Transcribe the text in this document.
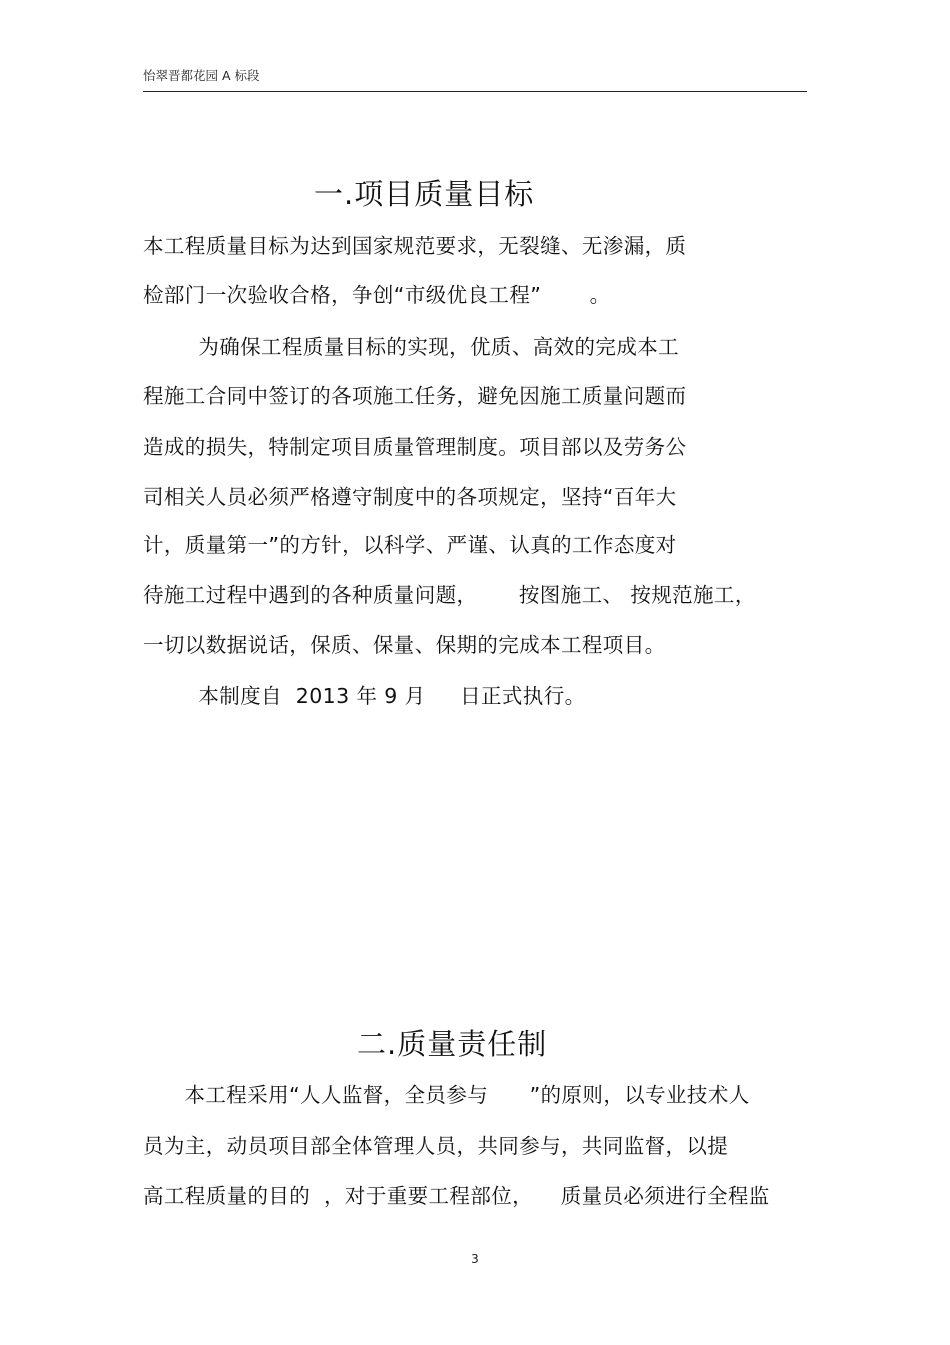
怡翠晋都花园 A 标段
一.项目质量目标
本工程质量目标为达到国家规范要求，无裂缝、无渗漏，质
检部门一次验收合格，争创“市级优良工程”       。
为确保工程质量目标的实现，优质、高效的完成本工
程施工合同中签订的各项施工任务，避免因施工质量问题而
造成的损失，特制定项目质量管理制度。项目部以及劳务公
司相关人员必须严格遵守制度中的各项规定，坚持“百年大
计，质量第一”的方针，以科学、严谨、认真的工作态度对
待施工过程中遇到的各种质量问题，      按图施工、 按规范施工，
一切以数据说话，保质、保量、保期的完成本工程项目。
本制度自  2013 年 9 月     日正式执行。
二.质量责任制
本工程采用“人人监督，全员参与      ”的原则，以专业技术人
员为主，动员项目部全体管理人员，共同参与，共同监督，以提
高工程质量的目的  ，对于重要工程部位，    质量员必须进行全程监
3
